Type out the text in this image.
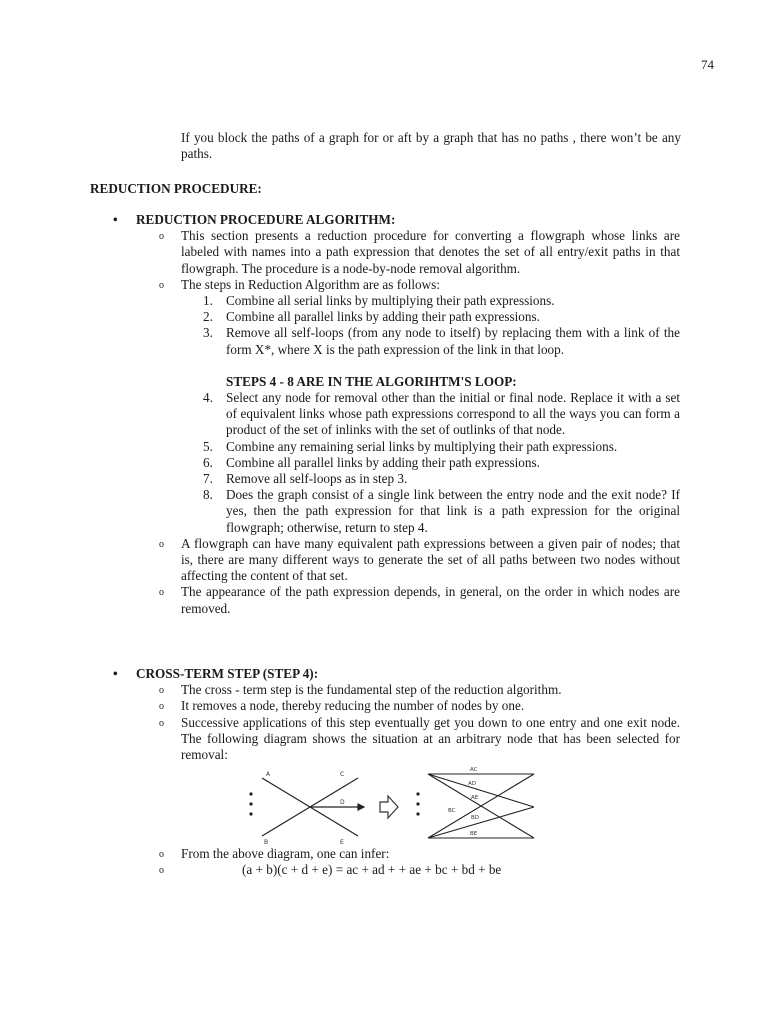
74
If you block the paths of a graph for or aft by a graph that has no paths , there won’t be any paths.
REDUCTION PROCEDURE:
• REDUCTION PROCEDURE ALGORITHM:
o This section presents a reduction procedure for converting a flowgraph whose links are labeled with names into a path expression that denotes the set of all entry/exit paths in that flowgraph. The procedure is a node-by-node removal algorithm.
o The steps in Reduction Algorithm are as follows:
1. Combine all serial links by multiplying their path expressions.
2. Combine all parallel links by adding their path expressions.
3. Remove all self-loops (from any node to itself) by replacing them with a link of the form X*, where X is the path expression of the link in that loop.
STEPS 4 - 8 ARE IN THE ALGORIHTM'S LOOP:
4. Select any node for removal other than the initial or final node. Replace it with a set of equivalent links whose path expressions correspond to all the ways you can form a product of the set of inlinks with the set of outlinks of that node.
5. Combine any remaining serial links by multiplying their path expressions.
6. Combine all parallel links by adding their path expressions.
7. Remove all self-loops as in step 3.
8. Does the graph consist of a single link between the entry node and the exit node? If yes, then the path expression for that link is a path expression for the original flowgraph; otherwise, return to step 4.
o A flowgraph can have many equivalent path expressions between a given pair of nodes; that is, there are many different ways to generate the set of all paths between two nodes without affecting the content of that set.
o The appearance of the path expression depends, in general, on the order in which nodes are removed.
• CROSS-TERM STEP (STEP 4):
o The cross - term step is the fundamental step of the reduction algorithm.
o It removes a node, thereby reducing the number of nodes by one.
o Successive applications of this step eventually get you down to one entry and one exit node. The following diagram shows the situation at an arbitrary node that has been selected for removal:
A	C
D
B	E
AC
AD
AE
BC
BD
BE
o From the above diagram, one can infer:
o	(a + b)(c + d + e) = ac + ad + + ae + bc + bd + be
